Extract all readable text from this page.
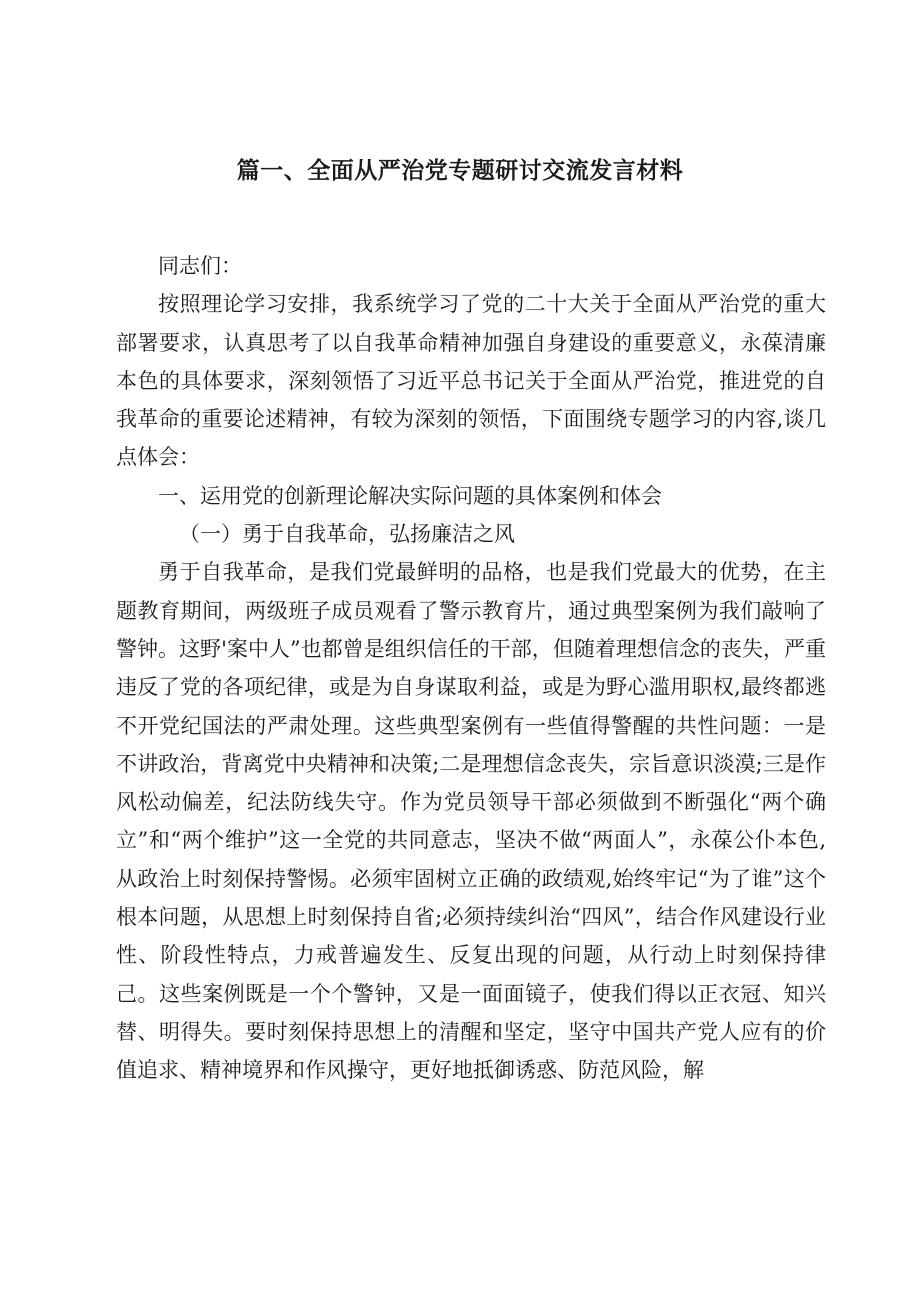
篇一、全面从严治党专题研讨交流发言材料

同志们：

按照理论学习安排，我系统学习了党的二十大关于全面从严治党的重大部署要求，认真思考了以自我革命精神加强自身建设的重要意义，永葆清廉本色的具体要求，深刻领悟了习近平总书记关于全面从严治党，推进党的自我革命的重要论述精神，有较为深刻的领悟，下面围绕专题学习的内容,谈几点体会：

一、运用党的创新理论解决实际问题的具体案例和体会

（一）勇于自我革命，弘扬廉洁之风

勇于自我革命，是我们党最鲜明的品格，也是我们党最大的优势，在主题教育期间，两级班子成员观看了警示教育片，通过典型案例为我们敲响了警钟。这野'案中人”也都曾是组织信任的干部，但随着理想信念的丧失，严重违反了党的各项纪律，或是为自身谋取利益，或是为野心滥用职权,最终都逃不开党纪国法的严肃处理。这些典型案例有一些值得警醒的共性问题：一是不讲政治，背离党中央精神和决策;二是理想信念丧失，宗旨意识淡漠;三是作风松动偏差，纪法防线失守。作为党员领导干部必须做到不断强化“两个确立”和“两个维护”这一全党的共同意志，坚决不做“两面人”，永葆公仆本色,从政治上时刻保持警惕。必须牢固树立正确的政绩观,始终牢记“为了谁”这个根本问题，从思想上时刻保持自省;必须持续纠治“四风”，结合作风建设行业性、阶段性特点，力戒普遍发生、反复出现的问题，从行动上时刻保持律己。这些案例既是一个个警钟，又是一面面镜子，使我们得以正衣冠、知兴替、明得失。要时刻保持思想上的清醒和坚定，坚守中国共产党人应有的价值追求、精神境界和作风操守，更好地抵御诱惑、防范风险，解
